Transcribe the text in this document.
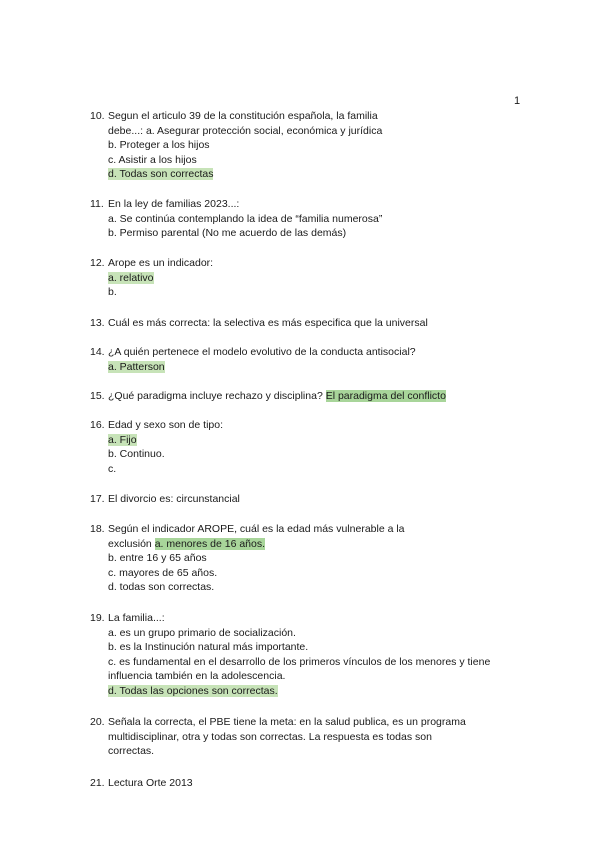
1
10. Segun el articulo 39 de la constitución española, la familia
debe...: a. Asegurar protección social, económica y jurídica
b. Proteger a los hijos
c. Asistir a los hijos
d. Todas son correctas
11. En la ley de familias 2023...:
a. Se continúa contemplando la idea de “familia numerosa”
b. Permiso parental (No me acuerdo de las demás)
12. Arope es un indicador:
a. relativo
b.
13. Cuál es más correcta: la selectiva es más especifica que la universal
14. ¿A quién pertenece el modelo evolutivo de la conducta antisocial?
a. Patterson
15. ¿Qué paradigma incluye rechazo y disciplina? El paradigma del conflicto
16. Edad y sexo son de tipo:
a. Fijo
b. Continuo.
c.
17. El divorcio es: circunstancial
18. Según el indicador AROPE, cuál es la edad más vulnerable a la
exclusión a. menores de 16 años.
b. entre 16 y 65 años
c. mayores de 65 años.
d. todas son correctas.
19. La familia...:
a. es un grupo primario de socialización.
b. es la Instinución natural más importante.
c. es fundamental en el desarrollo de los primeros vínculos de los menores y tiene
influencia también en la adolescencia.
d. Todas las opciones son correctas.
20. Señala la correcta, el PBE tiene la meta: en la salud publica, es un programa
multidisciplinar, otra y todas son correctas. La respuesta es todas son
correctas.
21. Lectura Orte 2013
